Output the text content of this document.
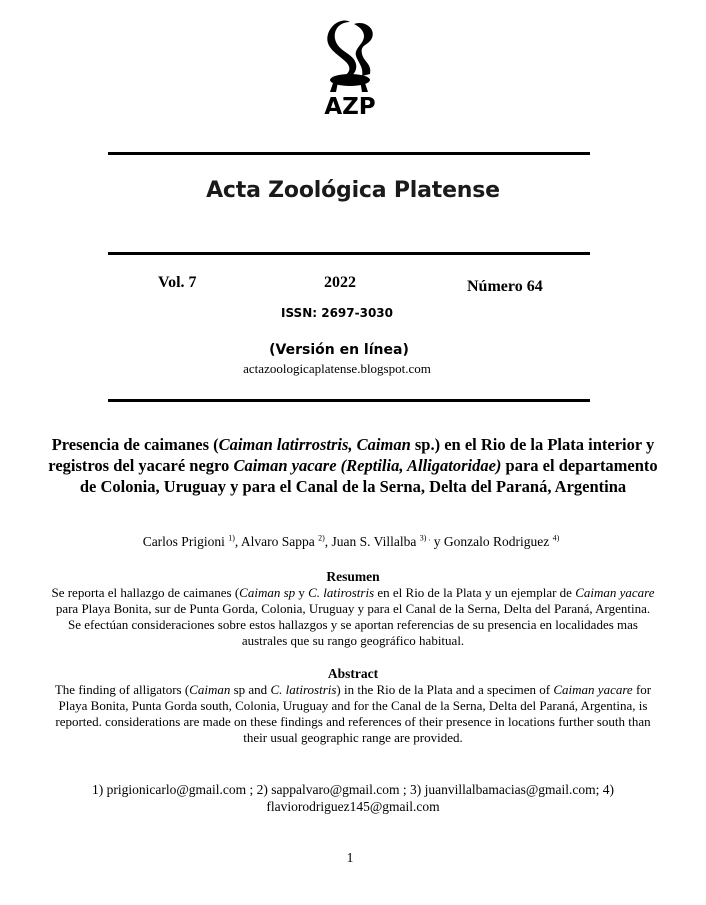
AZP
Acta Zoológica Platense
Vol. 7	2022	Número 64
ISSN: 2697-3030
(Versión en línea)
actazoologicaplatense.blogspot.com
Presencia de caimanes (Caiman latirrostris, Caiman sp.) en el Rio de la Plata interior y registros del yacaré negro Caiman yacare (Reptilia, Alligatoridae) para el departamento de Colonia, Uruguay y para el Canal de la Serna, Delta del Paraná, Argentina
Carlos Prigioni $^{1)}$, Alvaro Sappa $^{2)}$, Juan S. Villalba $^{3) .}$ y Gonzalo Rodriguez $^{4)}$
Resumen
Se reporta el hallazgo de caimanes (Caiman sp y C. latirostris en el Rio de la Plata y un ejemplar de Caiman yacare para Playa Bonita, sur de Punta Gorda, Colonia, Uruguay y para el Canal de la Serna, Delta del Paraná, Argentina. Se efectúan consideraciones sobre estos hallazgos y se aportan referencias de su presencia en localidades mas australes que su rango geográfico habitual.
Abstract
The finding of alligators (Caiman sp and C. latirostris) in the Rio de la Plata and a specimen of Caiman yacare for Playa Bonita, Punta Gorda south, Colonia, Uruguay and for the Canal de la Serna, Delta del Paraná, Argentina, is reported. considerations are made on these findings and references of their presence in locations further south than their usual geographic range are provided.
1) prigionicarlo@gmail.com ; 2) sappalvaro@gmail.com ; 3) juanvillalbamacias@gmail.com; 4)
flaviorodriguez145@gmail.com
1
